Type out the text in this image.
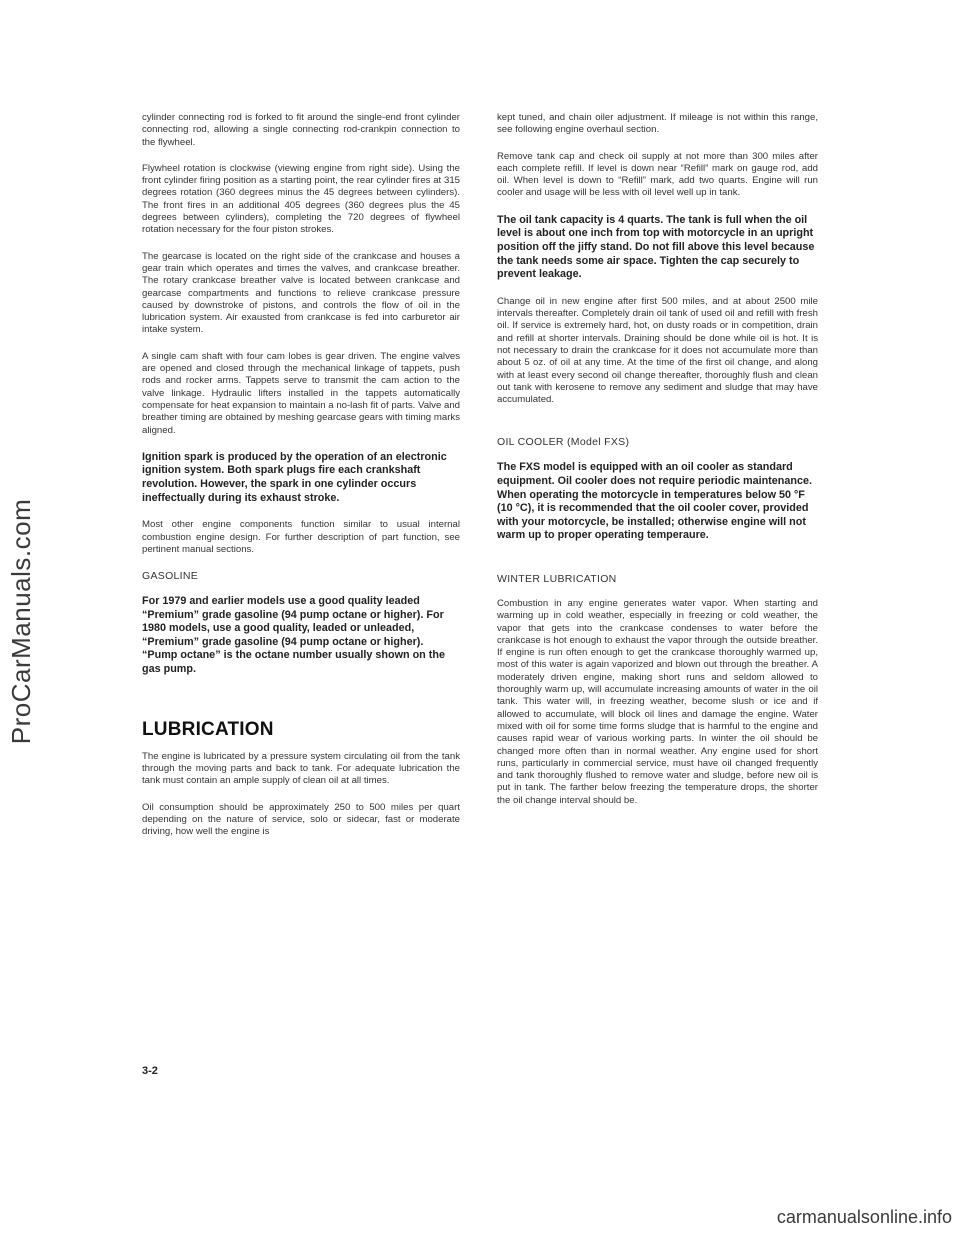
ProCarManuals.com

cylinder connecting rod is forked to fit around the single-end front cylinder connecting rod, allowing a single connecting rod-crankpin connection to the flywheel.

Flywheel rotation is clockwise (viewing engine from right side). Using the front cylinder firing position as a starting point, the rear cylinder fires at 315 degrees rotation (360 degrees minus the 45 degrees between cylinders). The front fires in an additional 405 degrees (360 degrees plus the 45 degrees between cylinders), completing the 720 degrees of flywheel rotation necessary for the four piston strokes.

The gearcase is located on the right side of the crankcase and houses a gear train which operates and times the valves, and crankcase breather. The rotary crankcase breather valve is located between crankcase and gearcase compartments and functions to relieve crankcase pressure caused by downstroke of pistons, and controls the flow of oil in the lubrication system. Air exausted from crankcase is fed into carburetor air intake system.

A single cam shaft with four cam lobes is gear driven. The engine valves are opened and closed through the mechanical linkage of tappets, push rods and rocker arms. Tappets serve to transmit the cam action to the valve linkage. Hydraulic lifters installed in the tappets automatically compensate for heat expansion to maintain a no-lash fit of parts. Valve and breather timing are obtained by meshing gearcase gears with timing marks aligned.

Ignition spark is produced by the operation of an electronic ignition system. Both spark plugs fire each crankshaft revolution. However, the spark in one cylinder occurs ineffectually during its exhaust stroke.

Most other engine components function similar to usual internal combustion engine design. For further description of part function, see pertinent manual sections.

GASOLINE

For 1979 and earlier models use a good quality leaded “Premium” grade gasoline (94 pump octane or higher). For 1980 models, use a good quality, leaded or unleaded, “Premium” grade gasoline (94 pump octane or higher). “Pump octane” is the octane number usually shown on the gas pump.

LUBRICATION

The engine is lubricated by a pressure system circulating oil from the tank through the moving parts and back to tank. For adequate lubrication the tank must contain an ample supply of clean oil at all times.

Oil consumption should be approximately 250 to 500 miles per quart depending on the nature of service, solo or sidecar, fast or moderate driving, how well the engine is

kept tuned, and chain oiler adjustment. If mileage is not within this range, see following engine overhaul section.

Remove tank cap and check oil supply at not more than 300 miles after each complete refill. If level is down near “Refill” mark on gauge rod, add oil. When level is down to “Refill” mark, add two quarts. Engine will run cooler and usage will be less with oil level well up in tank.

The oil tank capacity is 4 quarts. The tank is full when the oil level is about one inch from top with motorcycle in an upright position off the jiffy stand. Do not fill above this level because the tank needs some air space. Tighten the cap securely to prevent leakage.

Change oil in new engine after first 500 miles, and at about 2500 mile intervals thereafter. Completely drain oil tank of used oil and refill with fresh oil. If service is extremely hard, hot, on dusty roads or in competition, drain and refill at shorter intervals. Draining should be done while oil is hot. It is not necessary to drain the crankcase for it does not accumulate more than about 5 oz. of oil at any time. At the time of the first oil change, and along with at least every second oil change thereafter, thoroughly flush and clean out tank with kerosene to remove any sediment and sludge that may have accumulated.

OIL COOLER (Model FXS)

The FXS model is equipped with an oil cooler as standard equipment. Oil cooler does not require periodic maintenance. When operating the motorcycle in temperatures below 50 °F (10 °C), it is recommended that the oil cooler cover, provided with your motorcycle, be installed; otherwise engine will not warm up to proper operating temperaure.

WINTER LUBRICATION

Combustion in any engine generates water vapor. When starting and warming up in cold weather, especially in freezing or cold weather, the vapor that gets into the crankcase condenses to water before the crankcase is hot enough to exhaust the vapor through the outside breather. If engine is run often enough to get the crankcase thoroughly warmed up, most of this water is again vaporized and blown out through the breather. A moderately driven engine, making short runs and seldom allowed to thoroughly warm up, will accumulate increasing amounts of water in the oil tank. This water will, in freezing weather, become slush or ice and if allowed to accumulate, will block oil lines and damage the engine. Water mixed with oil for some time forms sludge that is harmful to the engine and causes rapid wear of various working parts. In winter the oil should be changed more often than in normal weather. Any engine used for short runs, particularly in commercial service, must have oil changed frequently and tank thoroughly flushed to remove water and sludge, before new oil is put in tank. The farther below freezing the temperature drops, the shorter the oil change interval should be.

3-2
carmanualsonline.info
